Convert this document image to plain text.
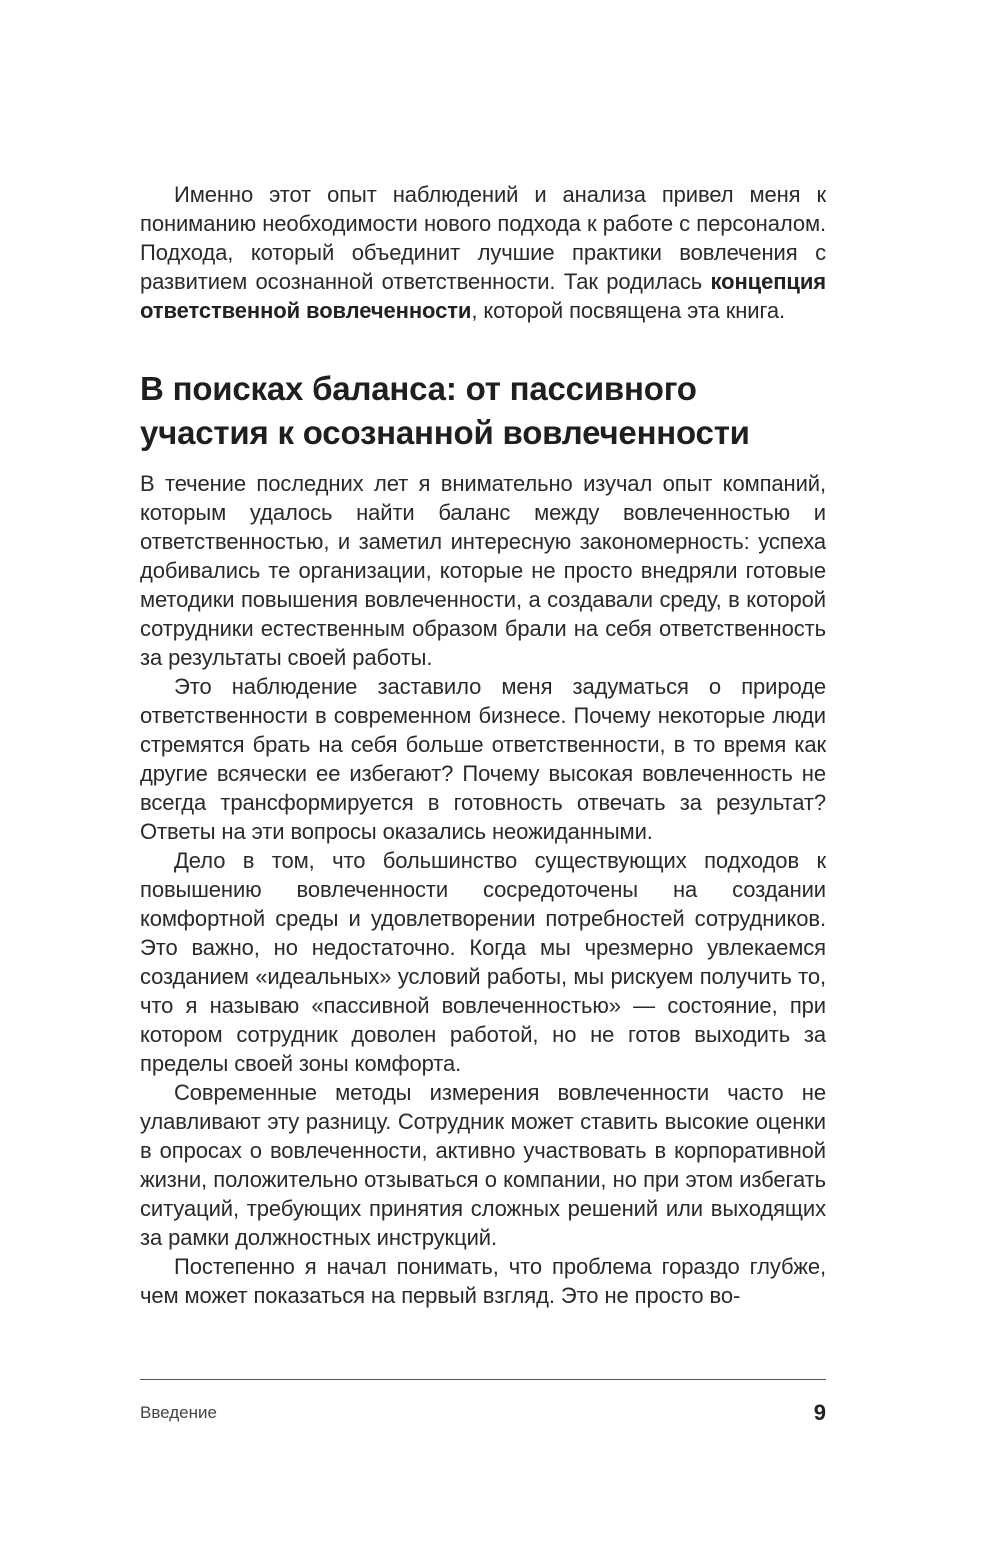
Именно этот опыт наблюдений и анализа привел меня к пониманию необходимости нового подхода к работе с персоналом. Подхода, который объединит лучшие практики вовлечения с развитием осознанной ответственности. Так родилась концепция ответственной вовлеченности, которой посвящена эта книга.

В поисках баланса: от пассивного участия к осознанной вовлеченности

В течение последних лет я внимательно изучал опыт компаний, которым удалось найти баланс между вовлеченностью и ответственностью, и заметил интересную закономерность: успеха добивались те организации, которые не просто внедряли готовые методики повышения вовлеченности, а создавали среду, в которой сотрудники естественным образом брали на себя ответственность за результаты своей работы.

Это наблюдение заставило меня задуматься о природе ответственности в современном бизнесе. Почему некоторые люди стремятся брать на себя больше ответственности, в то время как другие всячески ее избегают? Почему высокая вовлеченность не всегда трансформируется в готовность отвечать за результат? Ответы на эти вопросы оказались неожиданными.

Дело в том, что большинство существующих подходов к повышению вовлеченности сосредоточены на создании комфортной среды и удовлетворении потребностей сотрудников. Это важно, но недостаточно. Когда мы чрезмерно увлекаемся созданием «идеальных» условий работы, мы рискуем получить то, что я называю «пассивной вовлеченностью» — состояние, при котором сотрудник доволен работой, но не готов выходить за пределы своей зоны комфорта.

Современные методы измерения вовлеченности часто не улавливают эту разницу. Сотрудник может ставить высокие оценки в опросах о вовлеченности, активно участвовать в корпоративной жизни, положительно отзываться о компании, но при этом избегать ситуаций, требующих принятия сложных решений или выходящих за рамки должностных инструкций.

Постепенно я начал понимать, что проблема гораздо глубже, чем может показаться на первый взгляд. Это не просто во-

Введение	9
